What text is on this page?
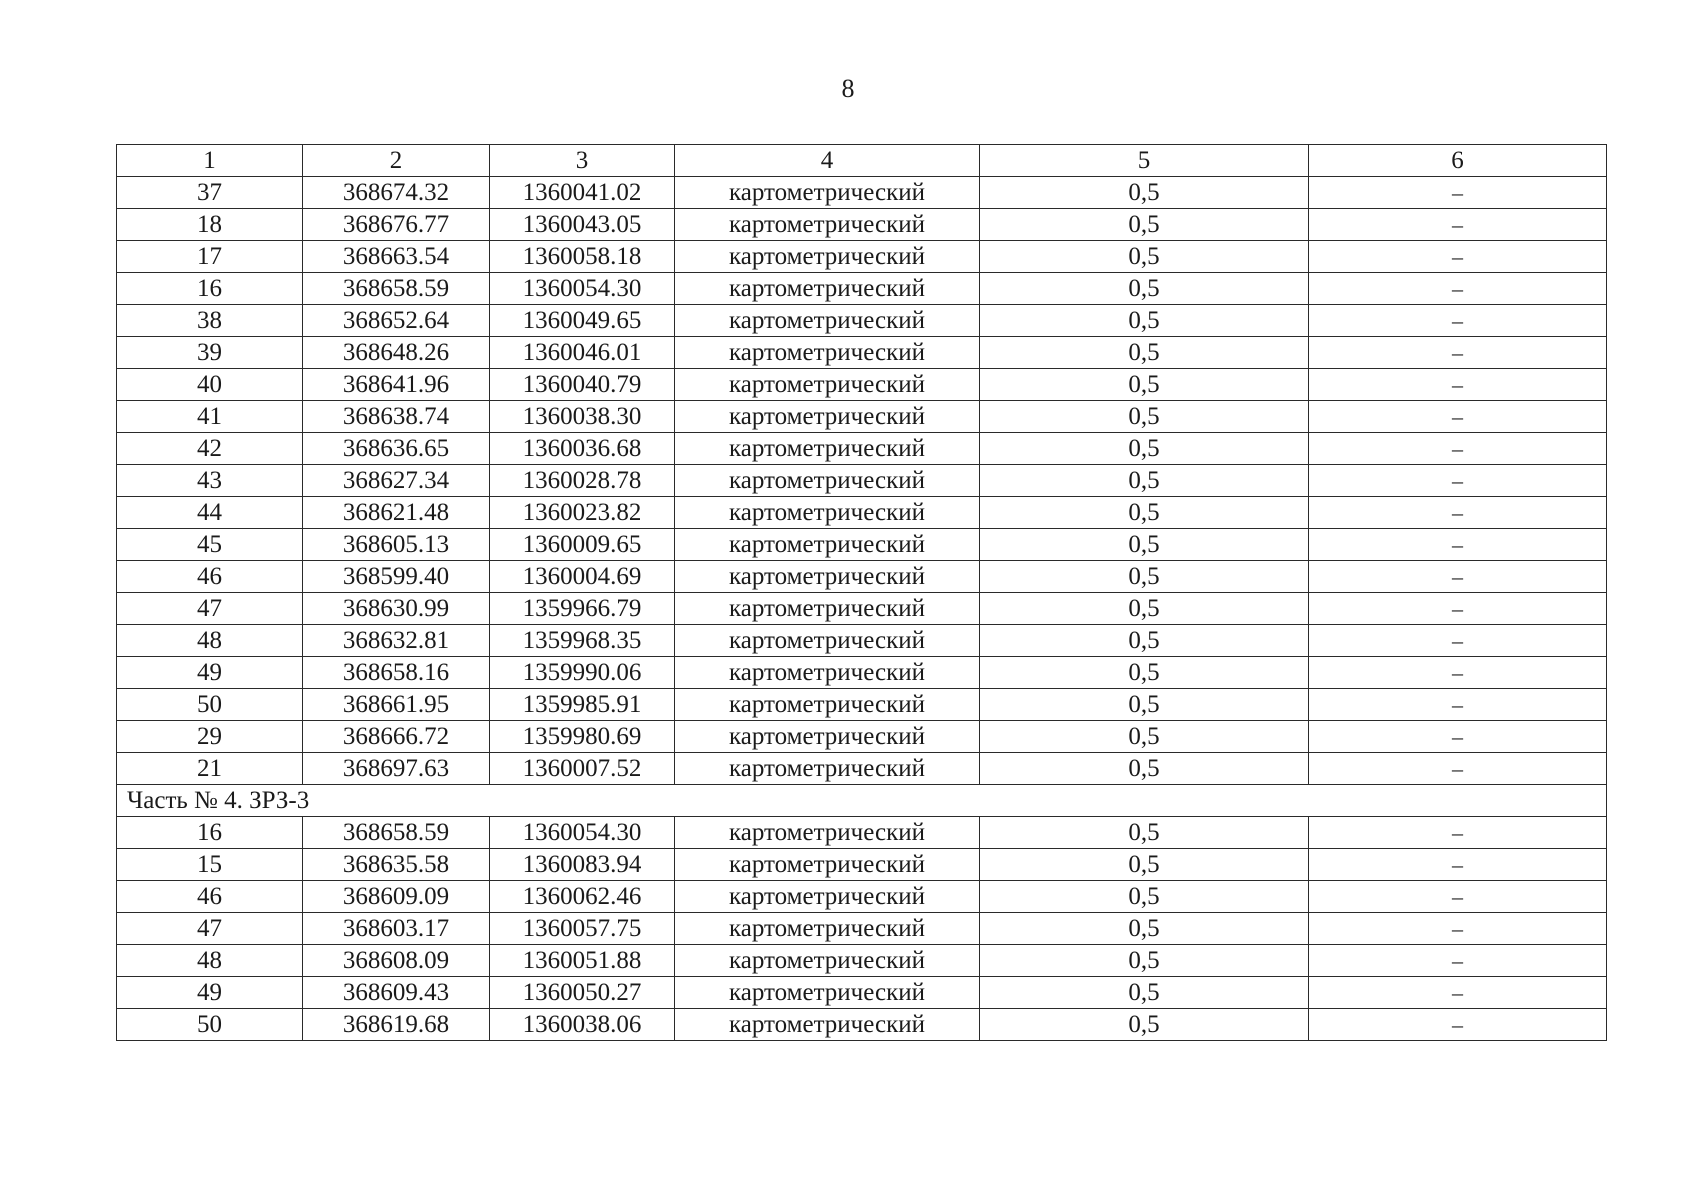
8
1	2	3	4	5	6
37	368674.32	1360041.02	картометрический	0,5	–
18	368676.77	1360043.05	картометрический	0,5	–
17	368663.54	1360058.18	картометрический	0,5	–
16	368658.59	1360054.30	картометрический	0,5	–
38	368652.64	1360049.65	картометрический	0,5	–
39	368648.26	1360046.01	картометрический	0,5	–
40	368641.96	1360040.79	картометрический	0,5	–
41	368638.74	1360038.30	картометрический	0,5	–
42	368636.65	1360036.68	картометрический	0,5	–
43	368627.34	1360028.78	картометрический	0,5	–
44	368621.48	1360023.82	картометрический	0,5	–
45	368605.13	1360009.65	картометрический	0,5	–
46	368599.40	1360004.69	картометрический	0,5	–
47	368630.99	1359966.79	картометрический	0,5	–
48	368632.81	1359968.35	картометрический	0,5	–
49	368658.16	1359990.06	картометрический	0,5	–
50	368661.95	1359985.91	картометрический	0,5	–
29	368666.72	1359980.69	картометрический	0,5	–
21	368697.63	1360007.52	картометрический	0,5	–
Часть № 4. ЗРЗ-3					
16	368658.59	1360054.30	картометрический	0,5	–
15	368635.58	1360083.94	картометрический	0,5	–
46	368609.09	1360062.46	картометрический	0,5	–
47	368603.17	1360057.75	картометрический	0,5	–
48	368608.09	1360051.88	картометрический	0,5	–
49	368609.43	1360050.27	картометрический	0,5	–
50	368619.68	1360038.06	картометрический	0,5	–
